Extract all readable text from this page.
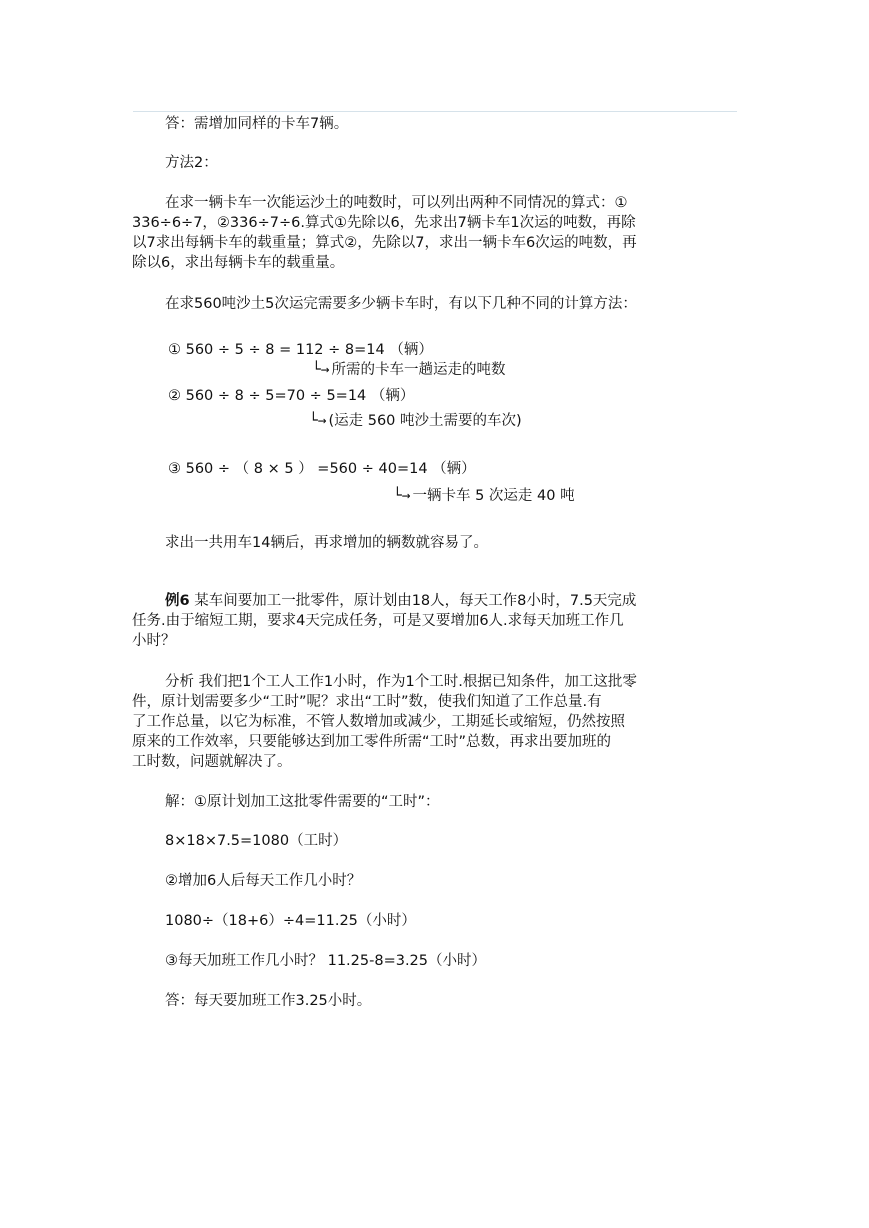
答：需增加同样的卡车7辆。

方法2：

在求一辆卡车一次能运沙土的吨数时，可以列出两种不同情况的算式：①
336÷6÷7，②336÷7÷6.算式①先除以6，先求出7辆卡车1次运的吨数，再除
以7求出每辆卡车的载重量；算式②，先除以7，求出一辆卡车6次运的吨数，再
除以6，求出每辆卡车的载重量。

在求560吨沙土5次运完需要多少辆卡车时，有以下几种不同的计算方法：

① 560 ÷ 5 ÷ 8 = 112 ÷ 8=14 （辆）
└→ 所需的卡车一趟运走的吨数
② 560 ÷ 8 ÷ 5=70 ÷ 5=14 （辆）
└→ (运走 560 吨沙土需要的车次)
③ 560 ÷ （ 8 × 5 ） =560 ÷ 40=14 （辆）
└→ 一辆卡车 5 次运走 40 吨

求出一共用车14辆后，再求增加的辆数就容易了。

例6 某车间要加工一批零件，原计划由18人，每天工作8小时，7.5天完成
任务.由于缩短工期，要求4天完成任务，可是又要增加6人.求每天加班工作几
小时？

分析 我们把1个工人工作1小时，作为1个工时.根据已知条件，加工这批零
件，原计划需要多少“工时”呢？求出“工时”数，使我们知道了工作总量.有
了工作总量，以它为标准，不管人数增加或减少，工期延长或缩短，仍然按照
原来的工作效率，只要能够达到加工零件所需“工时”总数，再求出要加班的
工时数，问题就解决了。

解：①原计划加工这批零件需要的“工时”：

8×18×7.5=1080（工时）

②增加6人后每天工作几小时？

1080÷（18+6）÷4=11.25（小时）

③每天加班工作几小时？ 11.25-8=3.25（小时）

答：每天要加班工作3.25小时。
